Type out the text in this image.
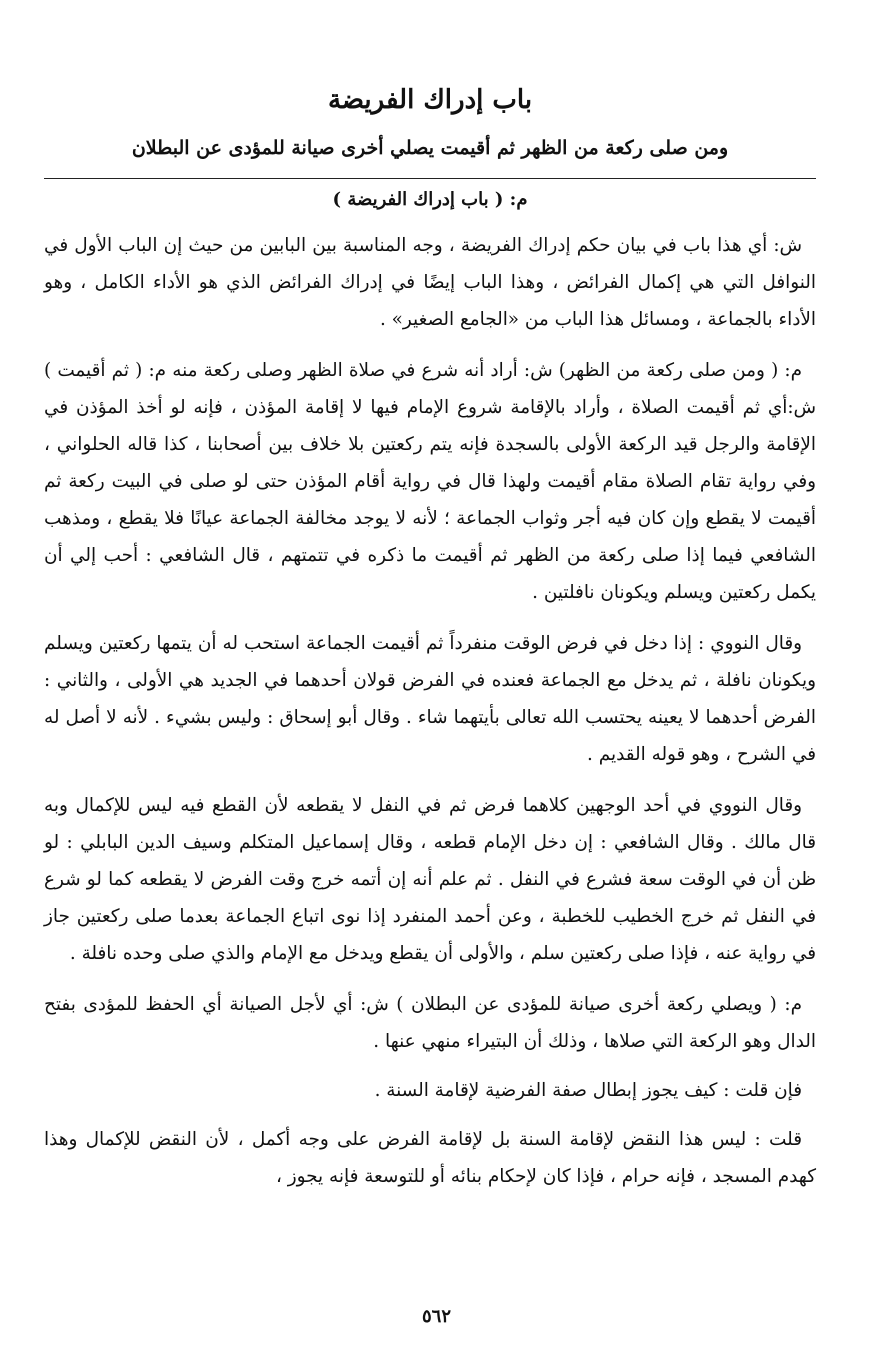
باب إدراك الفريضة
ومن صلى ركعة من الظهر ثم أقيمت يصلي أخرى صيانة للمؤدى عن البطلان
م: ( باب إدراك الفريضة )

ش: أي هذا باب في بيان حكم إدراك الفريضة ، وجه المناسبة بين البابين من حيث إن الباب الأول في النوافل التي هي إكمال الفرائض ، وهذا الباب إيضًا في إدراك الفرائض الذي هو الأداء الكامل ، وهو الأداء بالجماعة ، ومسائل هذا الباب من «الجامع الصغير» .

م: ( ومن صلى ركعة من الظهر) ش: أراد أنه شرع في صلاة الظهر وصلى ركعة منه م: ( ثم أقيمت ) ش:أي ثم أقيمت الصلاة ، وأراد بالإقامة شروع الإمام فيها لا إقامة المؤذن ، فإنه لو أخذ المؤذن في الإقامة والرجل قيد الركعة الأولى بالسجدة فإنه يتم ركعتين بلا خلاف بين أصحابنا ، كذا قاله الحلواني ، وفي رواية تقام الصلاة مقام أقيمت ولهذا قال في رواية أقام المؤذن حتى لو صلى في البيت ركعة ثم أقيمت لا يقطع وإن كان فيه أجر وثواب الجماعة ؛ لأنه لا يوجد مخالفة الجماعة عيانًا فلا يقطع ، ومذهب الشافعي فيما إذا صلى ركعة من الظهر ثم أقيمت ما ذكره في تتمتهم ، قال الشافعي : أحب إلي أن يكمل ركعتين ويسلم ويكونان نافلتين .

وقال النووي : إذا دخل في فرض الوقت منفرداً ثم أقيمت الجماعة استحب له أن يتمها ركعتين ويسلم ويكونان نافلة ، ثم يدخل مع الجماعة فعنده في الفرض قولان أحدهما في الجديد هي الأولى ، والثاني : الفرض أحدهما لا يعينه يحتسب الله تعالى بأيتهما شاء . وقال أبو إسحاق : وليس بشيء . لأنه لا أصل له في الشرح ، وهو قوله القديم .

وقال النووي في أحد الوجهين كلاهما فرض ثم في النفل لا يقطعه لأن القطع فيه ليس للإكمال وبه قال مالك . وقال الشافعي : إن دخل الإمام قطعه ، وقال إسماعيل المتكلم وسيف الدين البابلي : لو ظن أن في الوقت سعة فشرع في النفل . ثم علم أنه إن أتمه خرج وقت الفرض لا يقطعه كما لو شرع في النفل ثم خرج الخطيب للخطبة ، وعن أحمد المنفرد إذا نوى اتباع الجماعة بعدما صلى ركعتين جاز في رواية عنه ، فإذا صلى ركعتين سلم ، والأولى أن يقطع ويدخل مع الإمام والذي صلى وحده نافلة .

م: ( ويصلي ركعة أخرى صيانة للمؤدى عن البطلان ) ش: أي لأجل الصيانة أي الحفظ للمؤدى بفتح الدال وهو الركعة التي صلاها ، وذلك أن البتيراء منهي عنها .

فإن قلت : كيف يجوز إبطال صفة الفرضية لإقامة السنة .

قلت : ليس هذا النقض لإقامة السنة بل لإقامة الفرض على وجه أكمل ، لأن النقض للإكمال وهذا كهدم المسجد ، فإنه حرام ، فإذا كان لإحكام بنائه أو للتوسعة فإنه يجوز ،

٥٦٢
